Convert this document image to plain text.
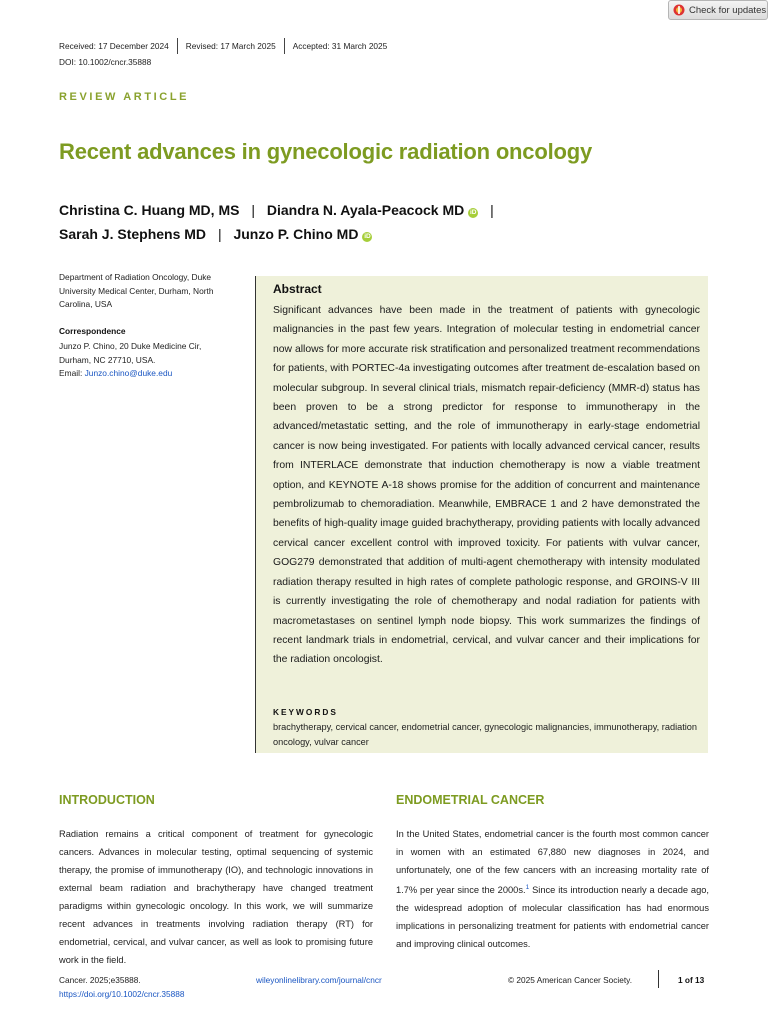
Check for updates
Received: 17 December 2024 Revised: 17 March 2025 Accepted: 31 March 2025
DOI: 10.1002/cncr.35888
REVIEW ARTICLE
Recent advances in gynecologic radiation oncology
Christina C. Huang MD, MS | Diandra N. Ayala-Peacock MD iD |
Sarah J. Stephens MD | Junzo P. Chino MD iD
Department of Radiation Oncology, Duke University Medical Center, Durham, North Carolina, USA
Correspondence
Junzo P. Chino, 20 Duke Medicine Cir,
Durham, NC 27710, USA.
Email: Junzo.chino@duke.edu
Abstract

Significant advances have been made in the treatment of patients with gynecologic malignancies in the past few years. Integration of molecular testing in endometrial cancer now allows for more accurate risk stratification and personalized treatment recommendations for patients, with PORTEC-4a investigating outcomes after treatment de-escalation based on molecular subgroup. In several clinical trials, mismatch repair-deficiency (MMR-d) status has been proven to be a strong predictor for response to immunotherapy in the advanced/metastatic setting, and the role of immunotherapy in early-stage endometrial cancer is now being investigated. For patients with locally advanced cervical cancer, results from INTERLACE demonstrate that induction chemotherapy is now a viable treatment option, and KEYNOTE A-18 shows promise for the addition of concurrent and maintenance pembrolizumab to chemoradiation. Meanwhile, EMBRACE 1 and 2 have demonstrated the benefits of high-quality image guided brachytherapy, providing patients with locally advanced cervical cancer excellent control with improved toxicity. For patients with vulvar cancer, GOG279 demonstrated that addition of multi-agent chemotherapy with intensity modulated radiation therapy resulted in high rates of complete pathologic response, and GROINS-V III is currently investigating the role of chemotherapy and nodal radiation for patients with macrometastases on sentinel lymph node biopsy. This work summarizes the findings of recent landmark trials in endometrial, cervical, and vulvar cancer and their implications for the radiation oncologist.

KEYWORDS
brachytherapy, cervical cancer, endometrial cancer, gynecologic malignancies, immunotherapy, radiation oncology, vulvar cancer
INTRODUCTION

Radiation remains a critical component of treatment for gynecologic cancers. Advances in molecular testing, optimal sequencing of systemic therapy, the promise of immunotherapy (IO), and technologic innovations in external beam radiation and brachytherapy have changed treatment paradigms within gynecologic oncology. In this work, we will summarize recent advances in treatments involving radiation therapy (RT) for endometrial, cervical, and vulvar cancer, as well as look to promising future work in the field.

ENDOMETRIAL CANCER

In the United States, endometrial cancer is the fourth most common cancer in women with an estimated 67,880 new diagnoses in 2024, and unfortunately, one of the few cancers with an increasing mortality rate of 1.7% per year since the 2000s.$^1$ Since its introduction nearly a decade ago, the widespread adoption of molecular classification has had enormous implications in personalizing treatment for patients with endometrial cancer and improving clinical outcomes.

Cancer. 2025;e35888.
https://doi.org/10.1002/cncr.35888
wileyonlinelibrary.com/journal/cncr	© 2025 American Cancer Society.	1 of 13
